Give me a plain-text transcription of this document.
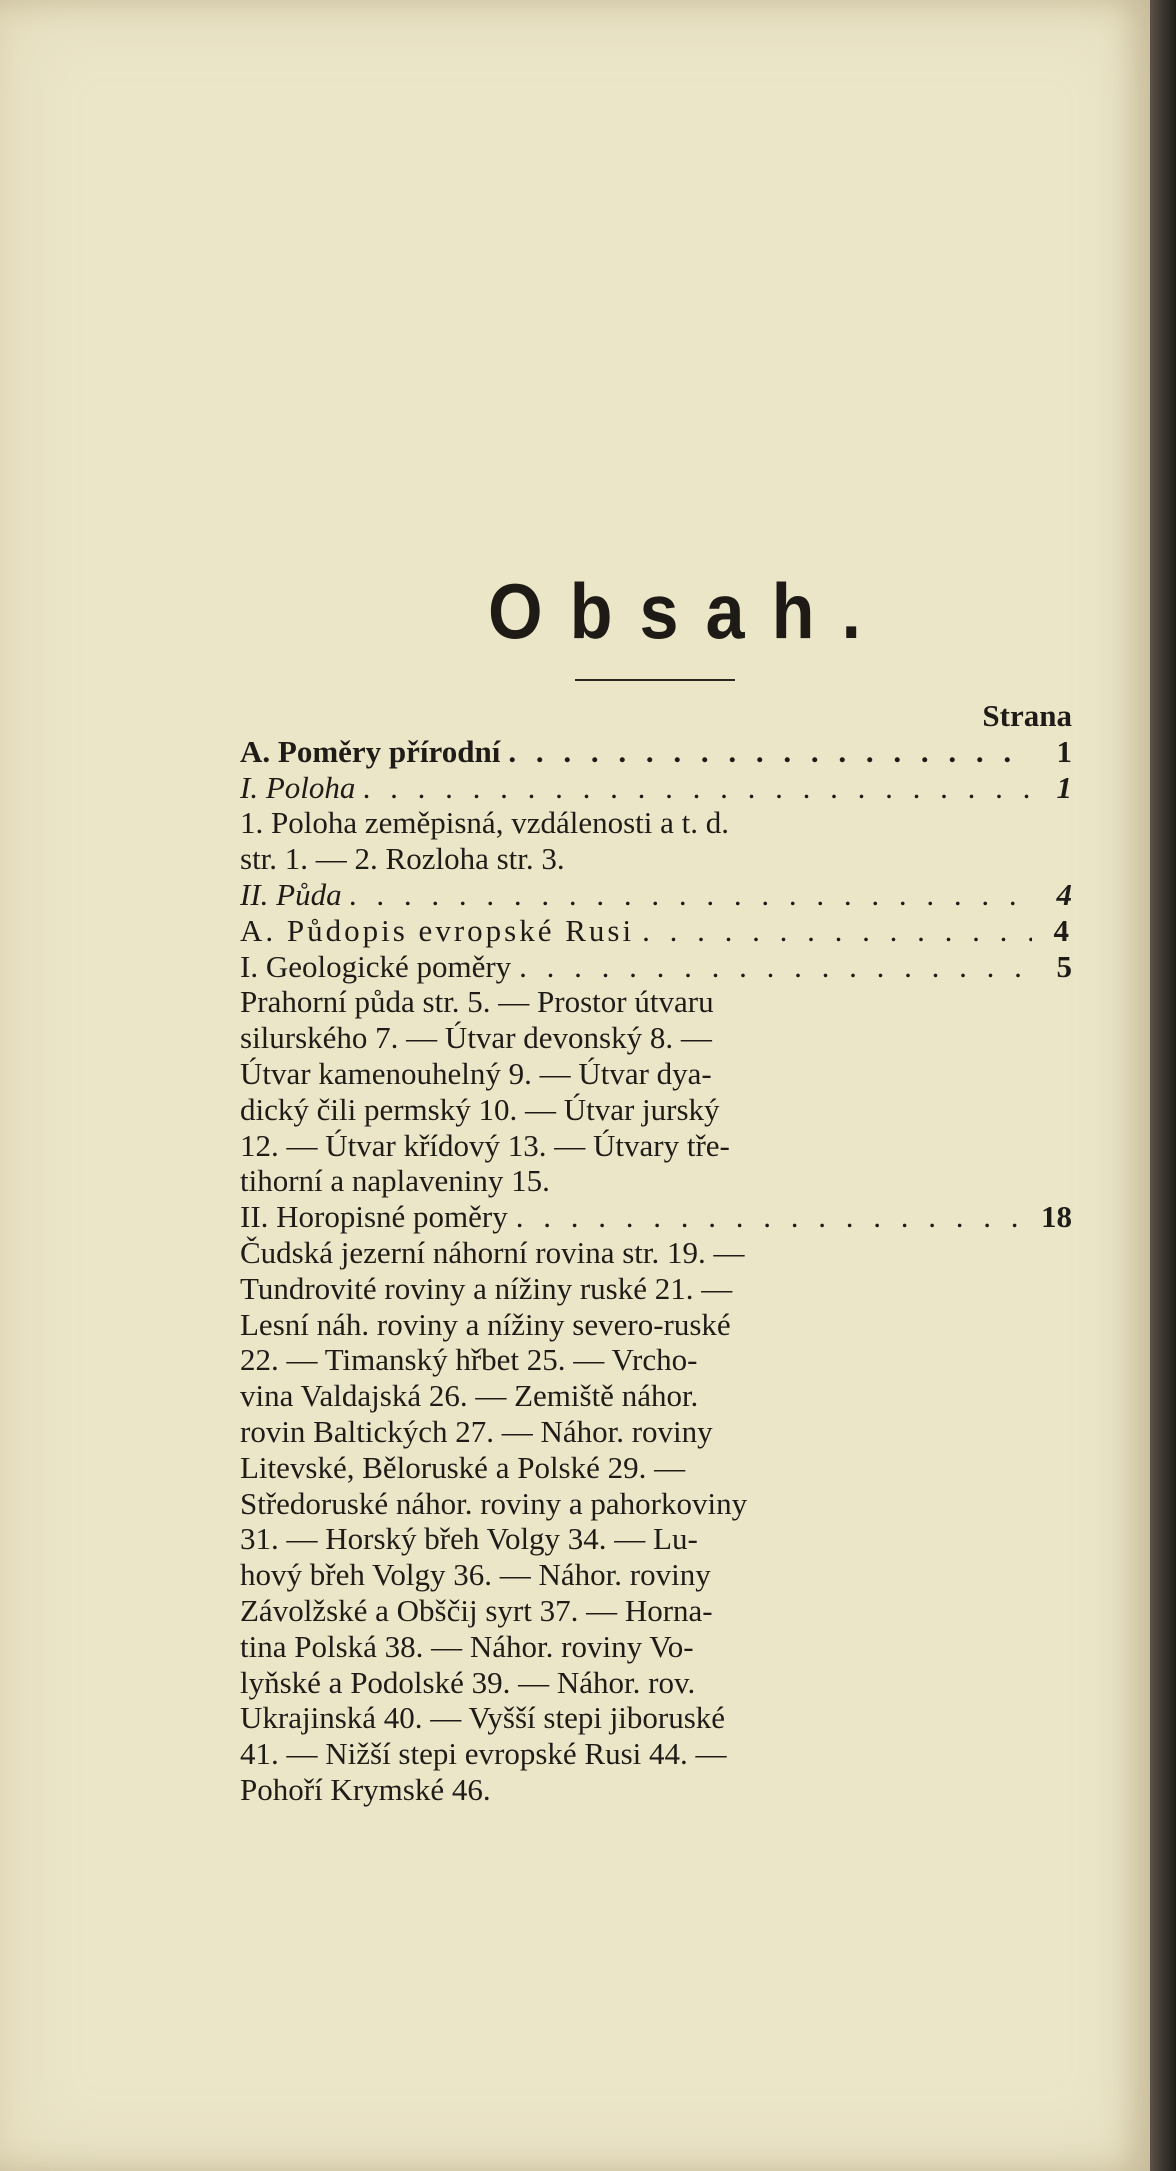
Obsah.
Strana
A. Poměry přírodní . . .	1
I. Poloha . . .	1
1. Poloha zeměpisná, vzdálenosti a t. d.
str. 1. — 2. Rozloha str. 3.
II. Půda . . .	4
A. Půdopis evropské Rusi . . .	4
I. Geologické poměry . . .	5
Prahorní půda str. 5. — Prostor útvaru
silurského 7. — Útvar devonský 8. —
Útvar kamenouhelný 9. — Útvar dya-
dický čili permský 10. — Útvar jurský
12. — Útvar křídový 13. — Útvary tře-
tihorní a naplaveniny 15.
II. Horopisné poměry . . .	18
Čudská jezerní náhorní rovina str. 19. —
Tundrovité roviny a nížiny ruské 21. —
Lesní náh. roviny a nížiny severo-ruské
22. — Timanský hřbet 25. — Vrcho-
vina Valdajská 26. — Zemiště náhor.
rovin Baltických 27. — Náhor. roviny
Litevské, Běloruské a Polské 29. —
Středoruské náhor. roviny a pahorkoviny
31. — Horský břeh Volgy 34. — Lu-
hový břeh Volgy 36. — Náhor. roviny
Závolžské a Obščij syrt 37. — Horna-
tina Polská 38. — Náhor. roviny Vo-
lyňské a Podolské 39. — Náhor. rov.
Ukrajinská 40. — Vyšší stepi jiboruské
41. — Nižší stepi evropské Rusi 44. —
Pohoří Krymské 46.
